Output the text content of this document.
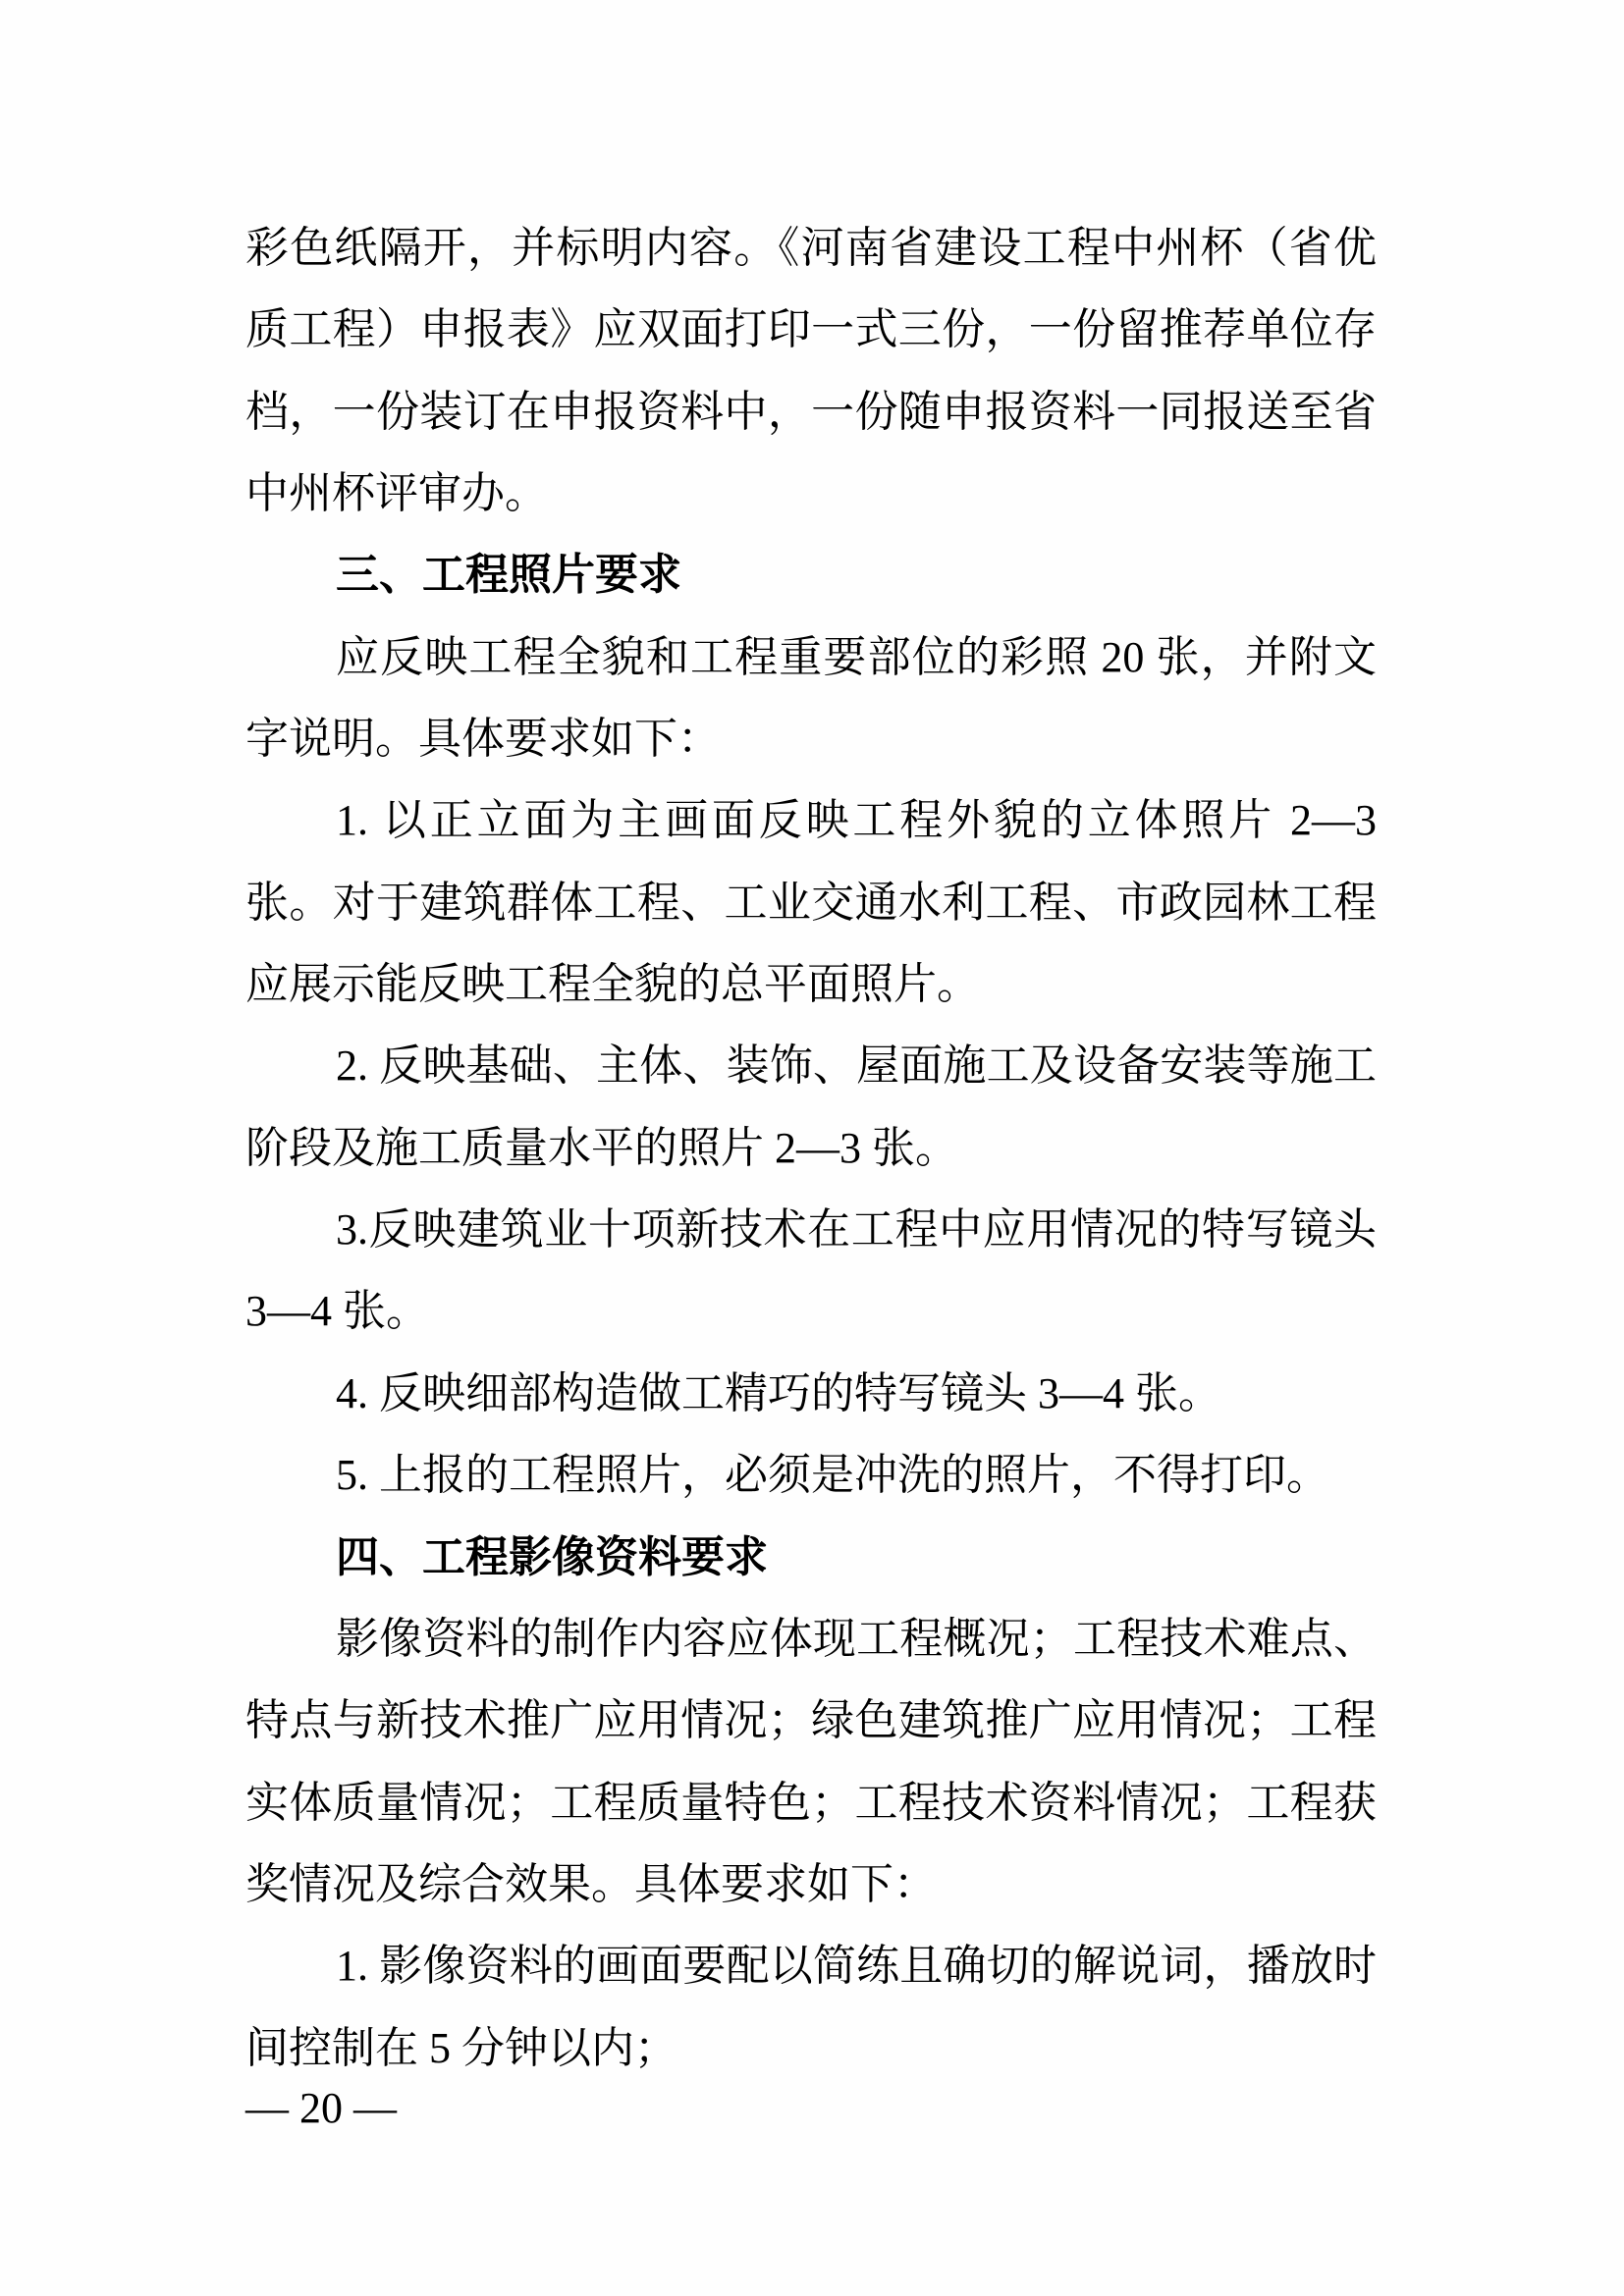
彩色纸隔开，并标明内容。《河南省建设工程中州杯（省优
质工程）申报表》应双面打印一式三份，一份留推荐单位存
档，一份装订在申报资料中，一份随申报资料一同报送至省
中州杯评审办。
三、工程照片要求
应反映工程全貌和工程重要部位的彩照 20 张，并附文
字说明。具体要求如下：
1. 以正立面为主画面反映工程外貌的立体照片 2—3
张。对于建筑群体工程、工业交通水利工程、市政园林工程
应展示能反映工程全貌的总平面照片。
2. 反映基础、主体、装饰、屋面施工及设备安装等施工
阶段及施工质量水平的照片 2—3 张。
3.反映建筑业十项新技术在工程中应用情况的特写镜头
3—4 张。
4. 反映细部构造做工精巧的特写镜头 3—4 张。
5. 上报的工程照片，必须是冲洗的照片，不得打印。
四、工程影像资料要求
影像资料的制作内容应体现工程概况；工程技术难点、
特点与新技术推广应用情况；绿色建筑推广应用情况；工程
实体质量情况；工程质量特色；工程技术资料情况；工程获
奖情况及综合效果。具体要求如下：
1. 影像资料的画面要配以简练且确切的解说词，播放时
间控制在 5 分钟以内；
— 20 —
